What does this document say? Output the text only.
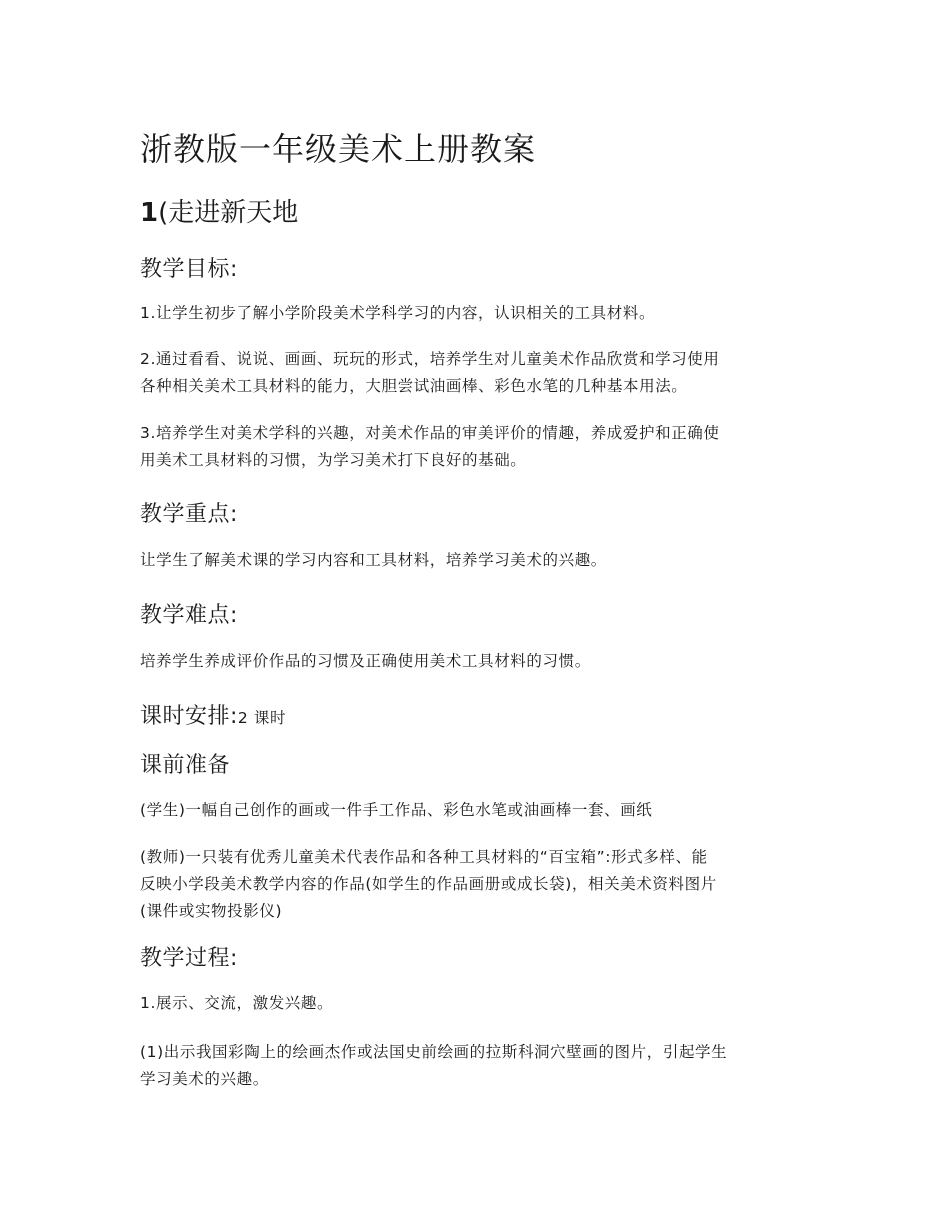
浙教版一年级美术上册教案
1(走进新天地
教学目标:
1.让学生初步了解小学阶段美术学科学习的内容，认识相关的工具材料。
2.通过看看、说说、画画、玩玩的形式，培养学生对儿童美术作品欣赏和学习使用
各种相关美术工具材料的能力，大胆尝试油画棒、彩色水笔的几种基本用法。
3.培养学生对美术学科的兴趣，对美术作品的审美评价的情趣，养成爱护和正确使
用美术工具材料的习惯，为学习美术打下良好的基础。
教学重点:
让学生了解美术课的学习内容和工具材料，培养学习美术的兴趣。
教学难点:
培养学生养成评价作品的习惯及正确使用美术工具材料的习惯。
课时安排:2 课时
课前准备
(学生)一幅自己创作的画或一件手工作品、彩色水笔或油画棒一套、画纸
(教师)一只装有优秀儿童美术代表作品和各种工具材料的“百宝箱”:形式多样、能
反映小学段美术教学内容的作品(如学生的作品画册或成长袋)，相关美术资料图片
(课件或实物投影仪)
教学过程:
1.展示、交流，激发兴趣。
(1)出示我国彩陶上的绘画杰作或法国史前绘画的拉斯科洞穴壁画的图片，引起学生
学习美术的兴趣。
